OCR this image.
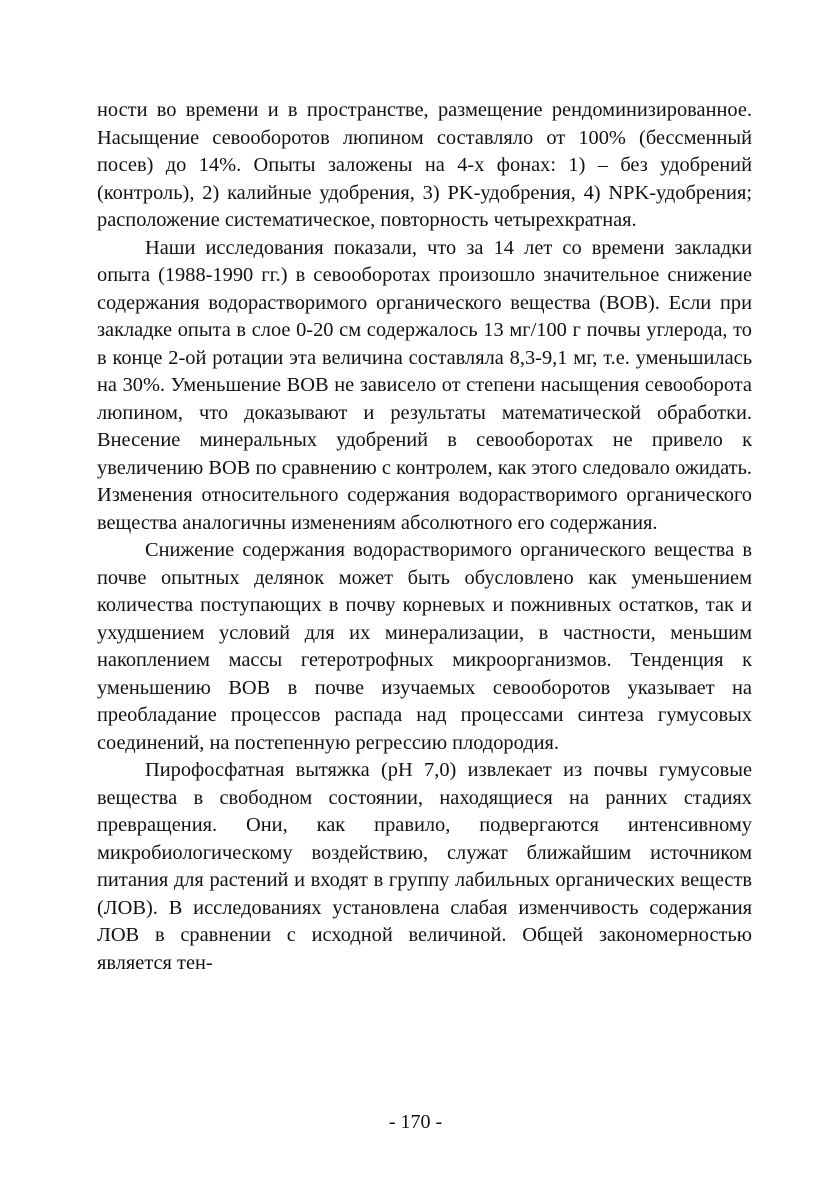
ности во времени и в пространстве, размещение рендоминизированное. Насыщение севооборотов люпином составляло от 100% (бессменный посев) до 14%. Опыты заложены на 4-х фонах: 1) – без удобрений (контроль), 2) калийные удобрения, 3) PK-удобрения, 4) NPK-удобрения; расположение систематическое, повторность четырехкратная.

Наши исследования показали, что за 14 лет со времени закладки опыта (1988-1990 гг.) в севооборотах произошло значительное снижение содержания водорастворимого органического вещества (ВОВ). Если при закладке опыта в слое 0-20 см содержалось 13 мг/100 г почвы углерода, то в конце 2-ой ротации эта величина составляла 8,3-9,1 мг, т.е. уменьшилась на 30%. Уменьшение ВОВ не зависело от степени насыщения севооборота люпином, что доказывают и результаты математической обработки. Внесение минеральных удобрений в севооборотах не привело к увеличению ВОВ по сравнению с контролем, как этого следовало ожидать. Изменения относительного содержания водорастворимого органического вещества аналогичны изменениям абсолютного его содержания.

Снижение содержания водорастворимого органического вещества в почве опытных делянок может быть обусловлено как уменьшением количества поступающих в почву корневых и пожнивных остатков, так и ухудшением условий для их минерализации, в частности, меньшим накоплением массы гетеротрофных микроорганизмов. Тенденция к уменьшению ВОВ в почве изучаемых севооборотов указывает на преобладание процессов распада над процессами синтеза гумусовых соединений, на постепенную регрессию плодородия.

Пирофосфатная вытяжка (pH 7,0) извлекает из почвы гумусовые вещества в свободном состоянии, находящиеся на ранних стадиях превращения. Они, как правило, подвергаются интенсивному микробиологическому воздействию, служат ближайшим источником питания для растений и входят в группу лабильных органических веществ (ЛОВ). В исследованиях установлена слабая изменчивость содержания ЛОВ в сравнении с исходной величиной. Общей закономерностью является тен-

- 170 -
